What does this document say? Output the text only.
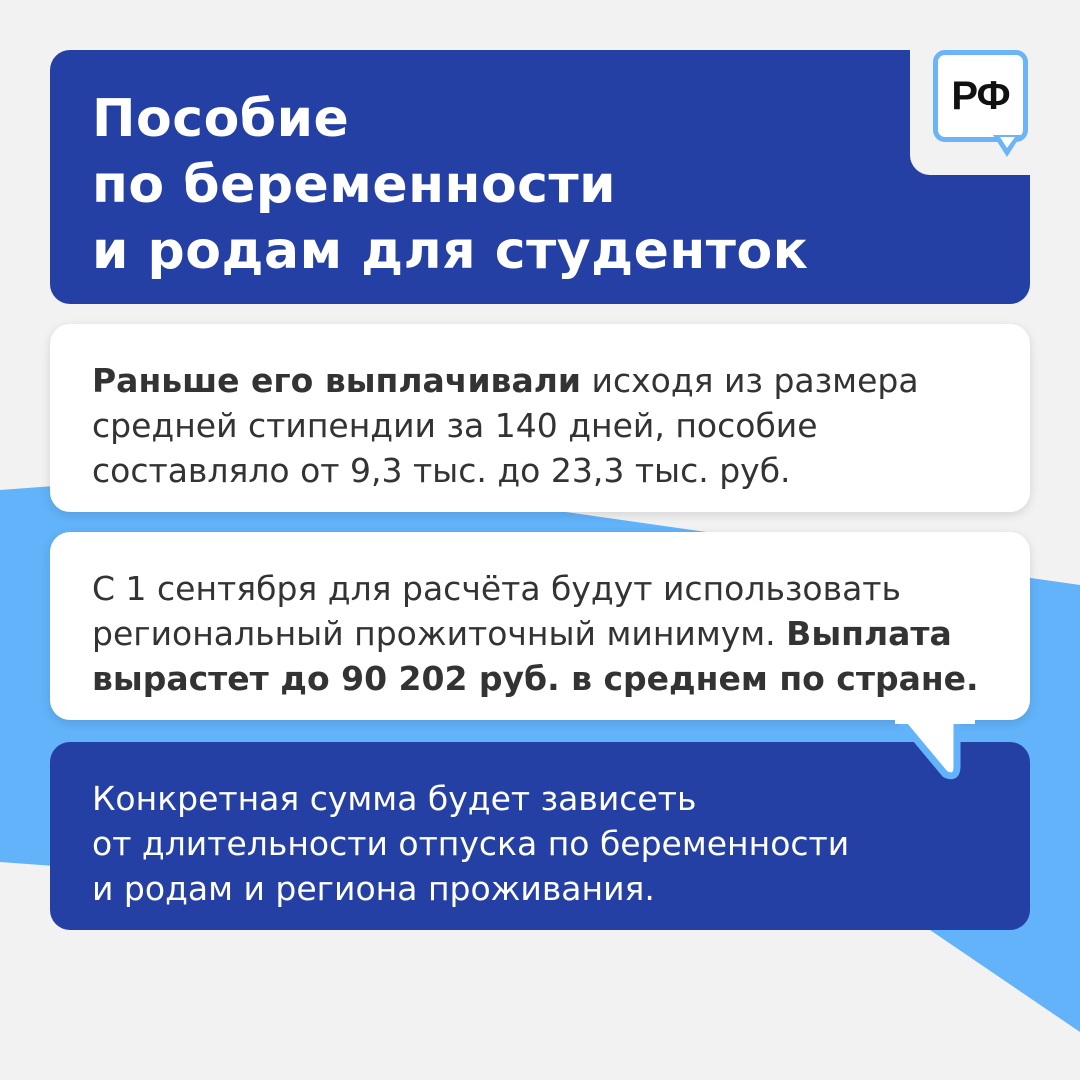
Пособие
по беременности
и родам для студенток
РФ

Раньше его выплачивали исходя из размера средней стипендии за 140 дней, пособие составляло от 9,3 тыс. до 23,3 тыс. руб.

С 1 сентября для расчёта будут использовать региональный прожиточный минимум. Выплата вырастет до 90 202 руб. в среднем по стране.

Конкретная сумма будет зависеть
от длительности отпуска по беременности
и родам и региона проживания.
